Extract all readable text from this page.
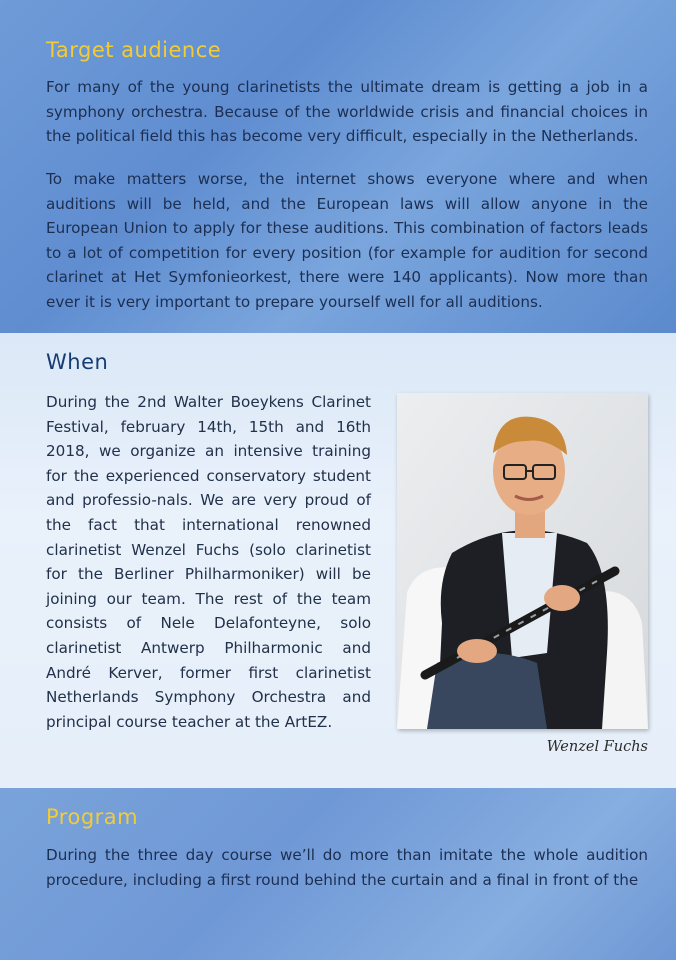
Target audience

For many of the young clarinetists the ultimate dream is getting a job in a symphony orchestra. Because of the worldwide crisis and financial choices in the political field this has become very difficult, especially in the Netherlands.

To make matters worse, the internet shows everyone where and when auditions will be held, and the European laws will allow anyone in the European Union to apply for these auditions. This combination of factors leads to a lot of competition for every position (for example for audition for second clarinet at Het Symfonieorkest, there were 140 applicants). Now more than ever it is very important to prepare yourself well for all auditions.

When

During the 2nd Walter Boeykens Clarinet Festival, february 14th, 15th and 16th 2018, we organize an intensive training for the experienced conservatory student and professio-nals. We are very proud of the fact that international renowned clarinetist Wenzel Fuchs (solo clarinetist for the Berliner Philharmoniker) will be joining our team. The rest of the team consists of Nele Delafonteyne, solo clarinetist Antwerp Philharmonic and André Kerver, former first clarinetist Netherlands Symphony Orchestra and principal course teacher at the ArtEZ.

Wenzel Fuchs
Program

During the three day course we’ll do more than imitate the whole audition procedure, including a first round behind the curtain and a final in front of the
